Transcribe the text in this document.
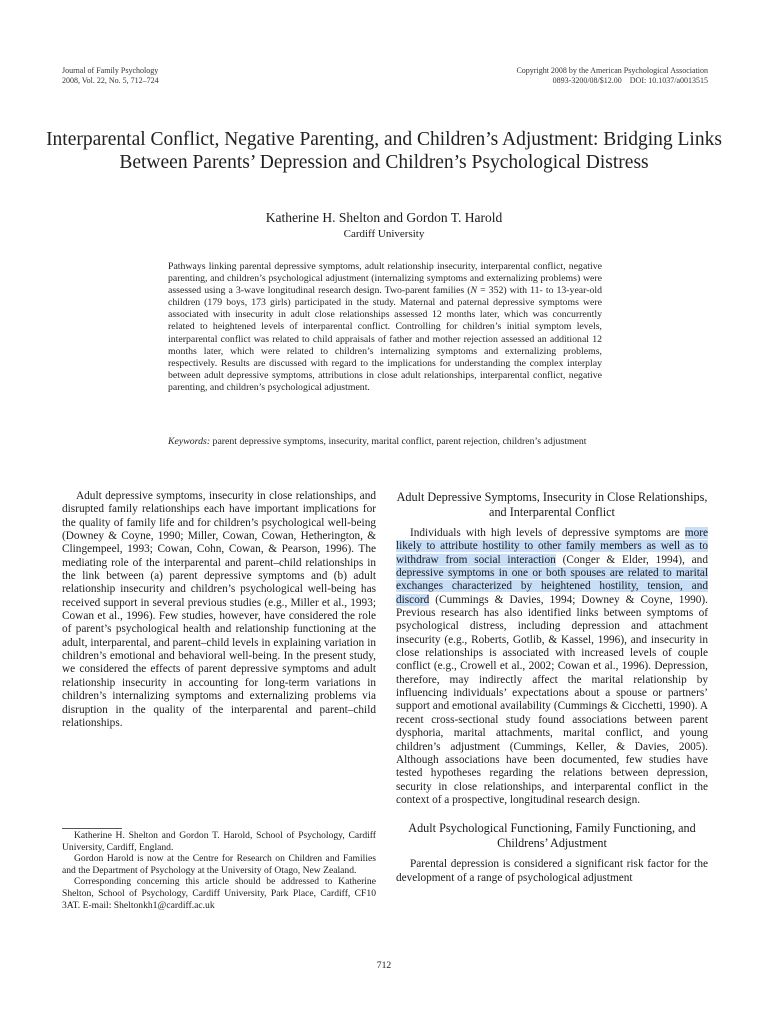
Journal of Family Psychology
2008, Vol. 22, No. 5, 712–724
Copyright 2008 by the American Psychological Association
0893-3200/08/$12.00    DOI: 10.1037/a0013515
Interparental Conflict, Negative Parenting, and Children’s Adjustment: Bridging Links Between Parents’ Depression and Children’s Psychological Distress
Katherine H. Shelton and Gordon T. Harold
Cardiff University
Pathways linking parental depressive symptoms, adult relationship insecurity, interparental conflict, negative parenting, and children’s psychological adjustment (internalizing symptoms and externalizing problems) were assessed using a 3-wave longitudinal research design. Two-parent families (N = 352) with 11- to 13-year-old children (179 boys, 173 girls) participated in the study. Maternal and paternal depressive symptoms were associated with insecurity in adult close relationships assessed 12 months later, which was concurrently related to heightened levels of interparental conflict. Controlling for children’s initial symptom levels, interparental conflict was related to child appraisals of father and mother rejection assessed an additional 12 months later, which were related to children’s internalizing symptoms and externalizing problems, respectively. Results are discussed with regard to the implications for understanding the complex interplay between adult depressive symptoms, attributions in close adult relationships, interparental conflict, negative parenting, and children’s psychological adjustment.
Keywords: parent depressive symptoms, insecurity, marital conflict, parent rejection, children’s adjustment

Adult depressive symptoms, insecurity in close relationships, and disrupted family relationships each have important implications for the quality of family life and for children’s psychological well-being (Downey & Coyne, 1990; Miller, Cowan, Cowan, Hetherington, & Clingempeel, 1993; Cowan, Cohn, Cowan, & Pearson, 1996). The mediating role of the interparental and parent–child relationships in the link between (a) parent depressive symptoms and (b) adult relationship insecurity and children’s psychological well-being has received support in several previous studies (e.g., Miller et al., 1993; Cowan et al., 1996). Few studies, however, have considered the role of parent’s psychological health and relationship functioning at the adult, interparental, and parent–child levels in explaining variation in children’s emotional and behavioral well-being. In the present study, we considered the effects of parent depressive symptoms and adult relationship insecurity in accounting for long-term variations in children’s internalizing symptoms and externalizing problems via disruption in the quality of the interparental and parent–child relationships.

Katherine H. Shelton and Gordon T. Harold, School of Psychology, Cardiff University, Cardiff, England.

Gordon Harold is now at the Centre for Research on Children and Families and the Department of Psychology at the University of Otago, New Zealand.

Corresponding concerning this article should be addressed to Katherine Shelton, School of Psychology, Cardiff University, Park Place, Cardiff, CF10 3AT. E-mail: Sheltonkh1@cardiff.ac.uk

Adult Depressive Symptoms, Insecurity in Close Relationships, and Interparental Conflict

Individuals with high levels of depressive symptoms are more likely to attribute hostility to other family members as well as to withdraw from social interaction (Conger & Elder, 1994), and depressive symptoms in one or both spouses are related to marital exchanges characterized by heightened hostility, tension, and discord (Cummings & Davies, 1994; Downey & Coyne, 1990). Previous research has also identified links between symptoms of psychological distress, including depression and attachment insecurity (e.g., Roberts, Gotlib, & Kassel, 1996), and insecurity in close relationships is associated with increased levels of couple conflict (e.g., Crowell et al., 2002; Cowan et al., 1996). Depression, therefore, may indirectly affect the marital relationship by influencing individuals’ expectations about a spouse or partners’ support and emotional availability (Cummings & Cicchetti, 1990). A recent cross-sectional study found associations between parent dysphoria, marital attachments, marital conflict, and young children’s adjustment (Cummings, Keller, & Davies, 2005). Although associations have been documented, few studies have tested hypotheses regarding the relations between depression, security in close relationships, and interparental conflict in the context of a prospective, longitudinal research design.

Adult Psychological Functioning, Family Functioning, and Childrens’ Adjustment

Parental depression is considered a significant risk factor for the development of a range of psychological adjustment

712
